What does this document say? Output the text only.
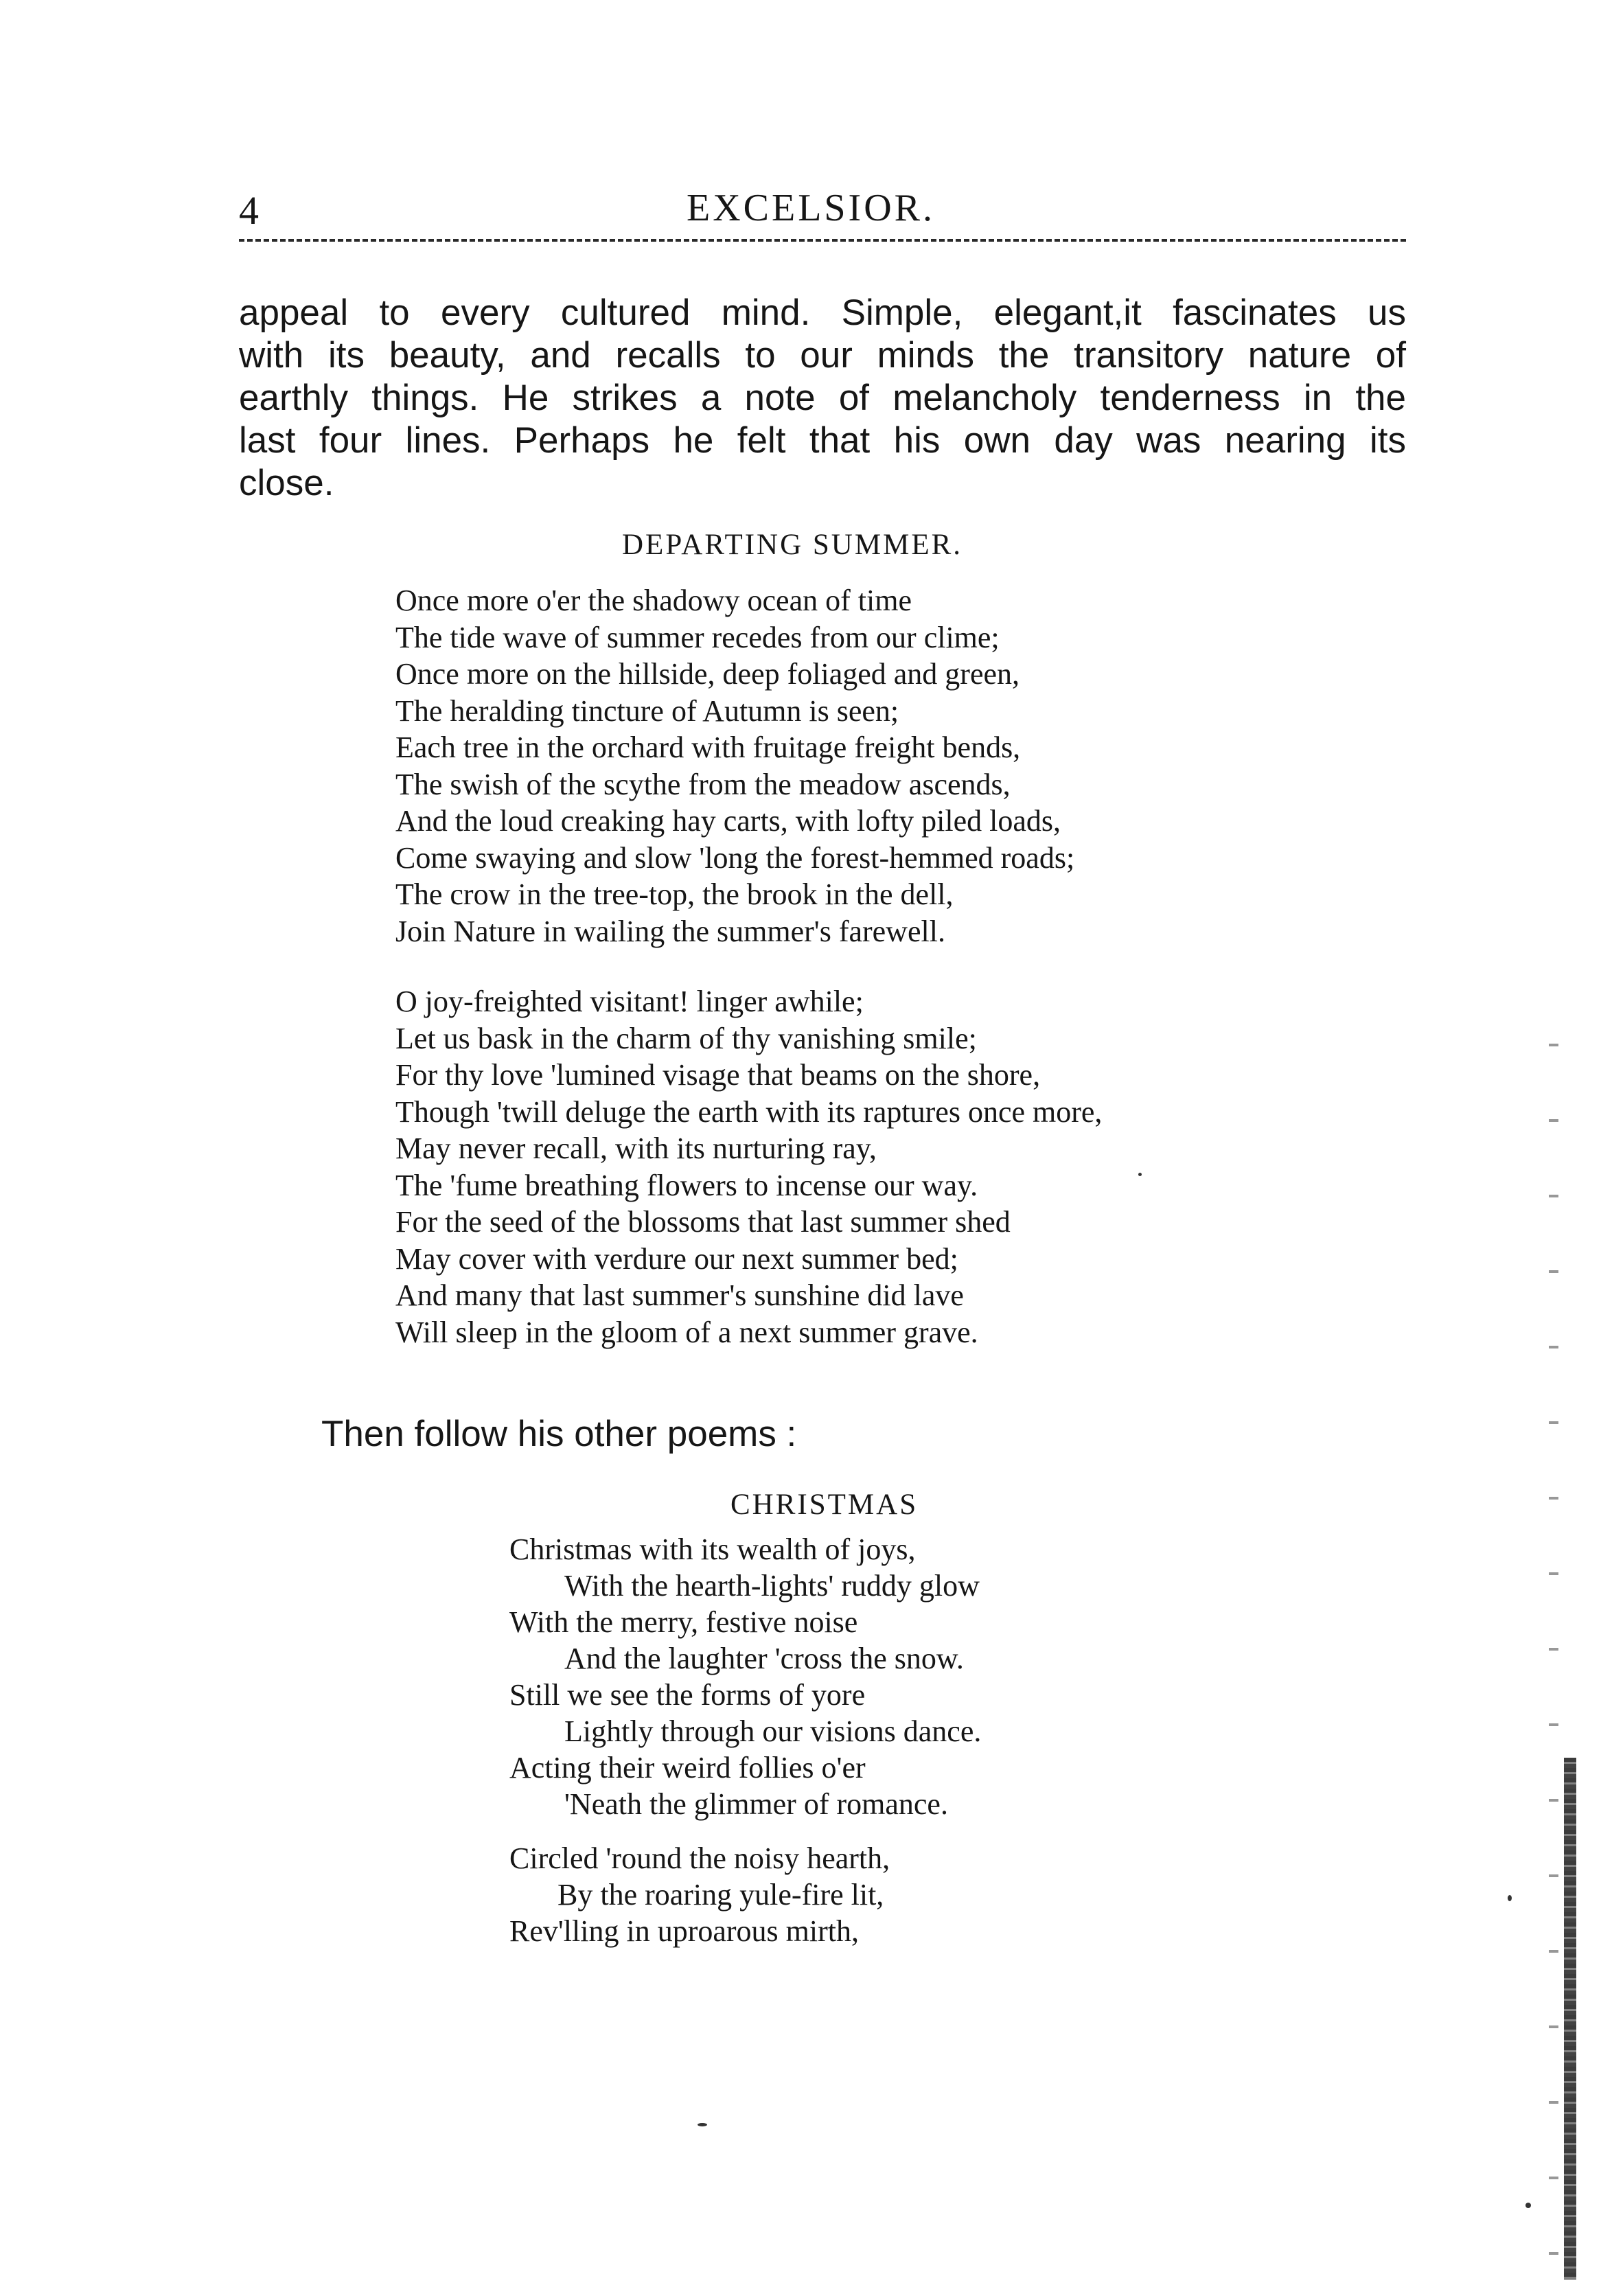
4	EXCELSIOR.

appeal to every cultured mind. Simple, elegant,it fascinates us
with its beauty, and recalls to our minds the transitory nature of
earthly things. He strikes a note of melancholy tenderness in the
last four lines. Perhaps he felt that his own day was nearing its
close.

DEPARTING SUMMER.
Once more o'er the shadowy ocean of time
The tide wave of summer recedes from our clime;
Once more on the hillside, deep foliaged and green,
The heralding tincture of Autumn is seen;
Each tree in the orchard with fruitage freight bends,
The swish of the scythe from the meadow ascends,
And the loud creaking hay carts, with lofty piled loads,
Come swaying and slow 'long the forest-hemmed roads;
The crow in the tree-top, the brook in the dell,
Join Nature in wailing the summer's farewell.
O joy-freighted visitant! linger awhile;
Let us bask in the charm of thy vanishing smile;
For thy love 'lumined visage that beams on the shore,
Though 'twill deluge the earth with its raptures once more,
May never recall, with its nurturing ray,
The 'fume breathing flowers to incense our way.
For the seed of the blossoms that last summer shed
May cover with verdure our next summer bed;
And many that last summer's sunshine did lave
Will sleep in the gloom of a next summer grave.

Then follow his other poems :

CHRISTMAS
Christmas with its wealth of joys,
With the hearth-lights' ruddy glow
With the merry, festive noise
And the laughter 'cross the snow.
Still we see the forms of yore
Lightly through our visions dance.
Acting their weird follies o'er
'Neath the glimmer of romance.
Circled 'round the noisy hearth,
By the roaring yule-fire lit,
Rev'lling in uproarous mirth,
